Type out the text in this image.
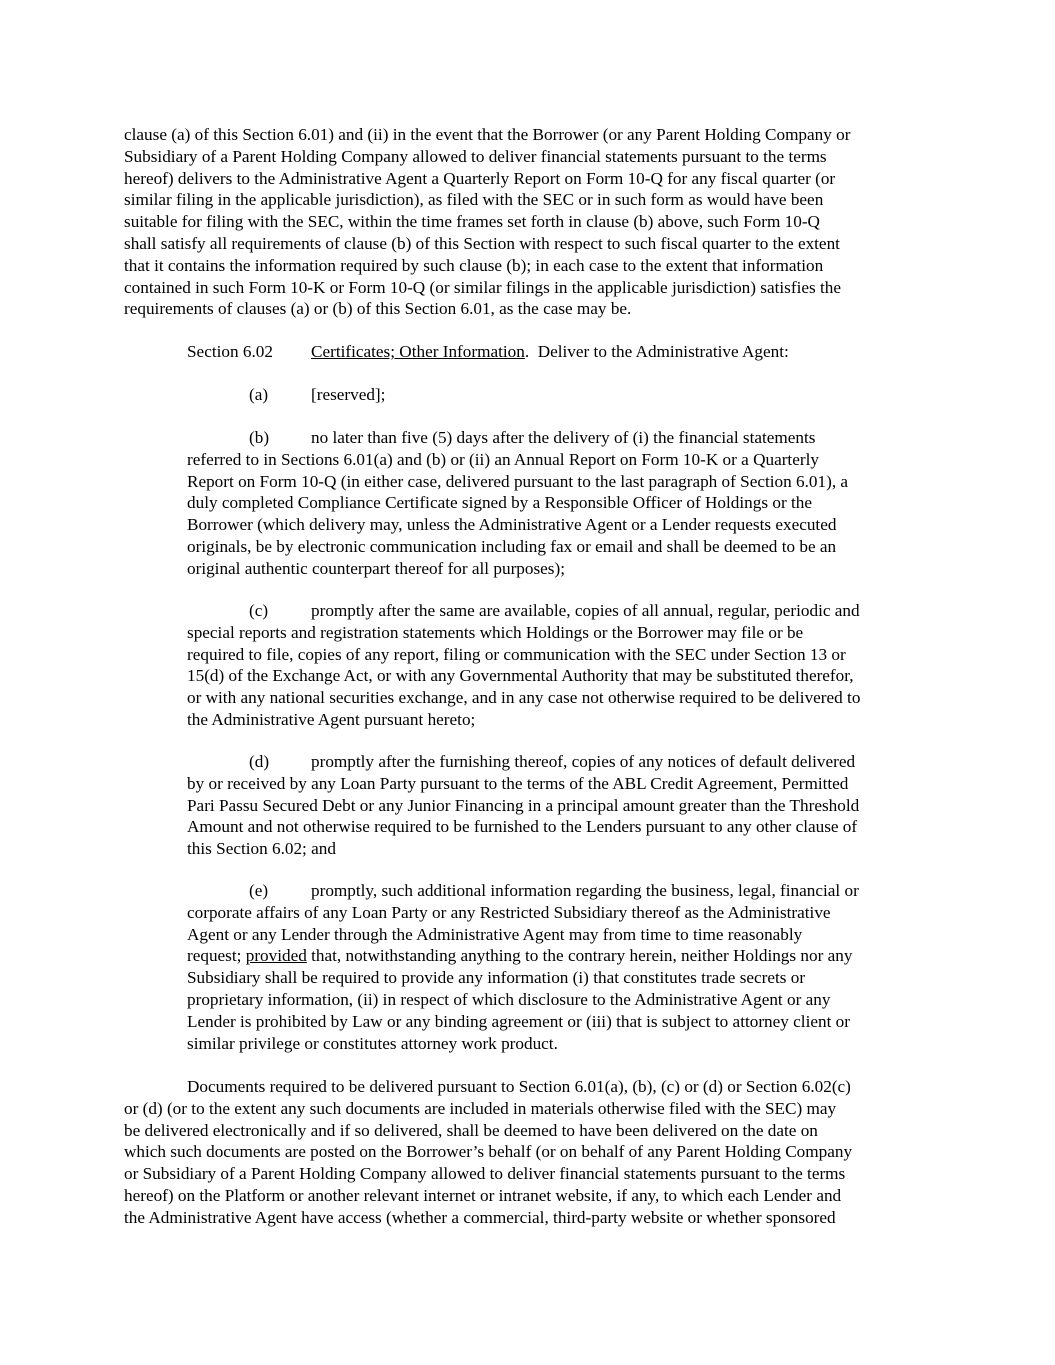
clause (a) of this Section 6.01) and (ii) in the event that the Borrower (or any Parent Holding Company or
Subsidiary of a Parent Holding Company allowed to deliver financial statements pursuant to the terms
hereof) delivers to the Administrative Agent a Quarterly Report on Form 10-Q for any fiscal quarter (or
similar filing in the applicable jurisdiction), as filed with the SEC or in such form as would have been
suitable for filing with the SEC, within the time frames set forth in clause (b) above, such Form 10-Q
shall satisfy all requirements of clause (b) of this Section with respect to such fiscal quarter to the extent
that it contains the information required by such clause (b); in each case to the extent that information
contained in such Form 10-K or Form 10-Q (or similar filings in the applicable jurisdiction) satisfies the
requirements of clauses (a) or (b) of this Section 6.01, as the case may be.
Section 6.02 Certificates; Other Information.  Deliver to the Administrative Agent:
(a) [reserved];
(b) no later than five (5) days after the delivery of (i) the financial statements
referred to in Sections 6.01(a) and (b) or (ii) an Annual Report on Form 10-K or a Quarterly
Report on Form 10-Q (in either case, delivered pursuant to the last paragraph of Section 6.01), a
duly completed Compliance Certificate signed by a Responsible Officer of Holdings or the
Borrower (which delivery may, unless the Administrative Agent or a Lender requests executed
originals, be by electronic communication including fax or email and shall be deemed to be an
original authentic counterpart thereof for all purposes);
(c) promptly after the same are available, copies of all annual, regular, periodic and
special reports and registration statements which Holdings or the Borrower may file or be
required to file, copies of any report, filing or communication with the SEC under Section 13 or
15(d) of the Exchange Act, or with any Governmental Authority that may be substituted therefor,
or with any national securities exchange, and in any case not otherwise required to be delivered to
the Administrative Agent pursuant hereto;
(d) promptly after the furnishing thereof, copies of any notices of default delivered
by or received by any Loan Party pursuant to the terms of the ABL Credit Agreement, Permitted
Pari Passu Secured Debt or any Junior Financing in a principal amount greater than the Threshold
Amount and not otherwise required to be furnished to the Lenders pursuant to any other clause of
this Section 6.02; and
(e) promptly, such additional information regarding the business, legal, financial or
corporate affairs of any Loan Party or any Restricted Subsidiary thereof as the Administrative
Agent or any Lender through the Administrative Agent may from time to time reasonably
request; provided that, notwithstanding anything to the contrary herein, neither Holdings nor any
Subsidiary shall be required to provide any information (i) that constitutes trade secrets or
proprietary information, (ii) in respect of which disclosure to the Administrative Agent or any
Lender is prohibited by Law or any binding agreement or (iii) that is subject to attorney client or
similar privilege or constitutes attorney work product.
Documents required to be delivered pursuant to Section 6.01(a), (b), (c) or (d) or Section 6.02(c)
or (d) (or to the extent any such documents are included in materials otherwise filed with the SEC) may
be delivered electronically and if so delivered, shall be deemed to have been delivered on the date on
which such documents are posted on the Borrower’s behalf (or on behalf of any Parent Holding Company
or Subsidiary of a Parent Holding Company allowed to deliver financial statements pursuant to the terms
hereof) on the Platform or another relevant internet or intranet website, if any, to which each Lender and
the Administrative Agent have access (whether a commercial, third-party website or whether sponsored
